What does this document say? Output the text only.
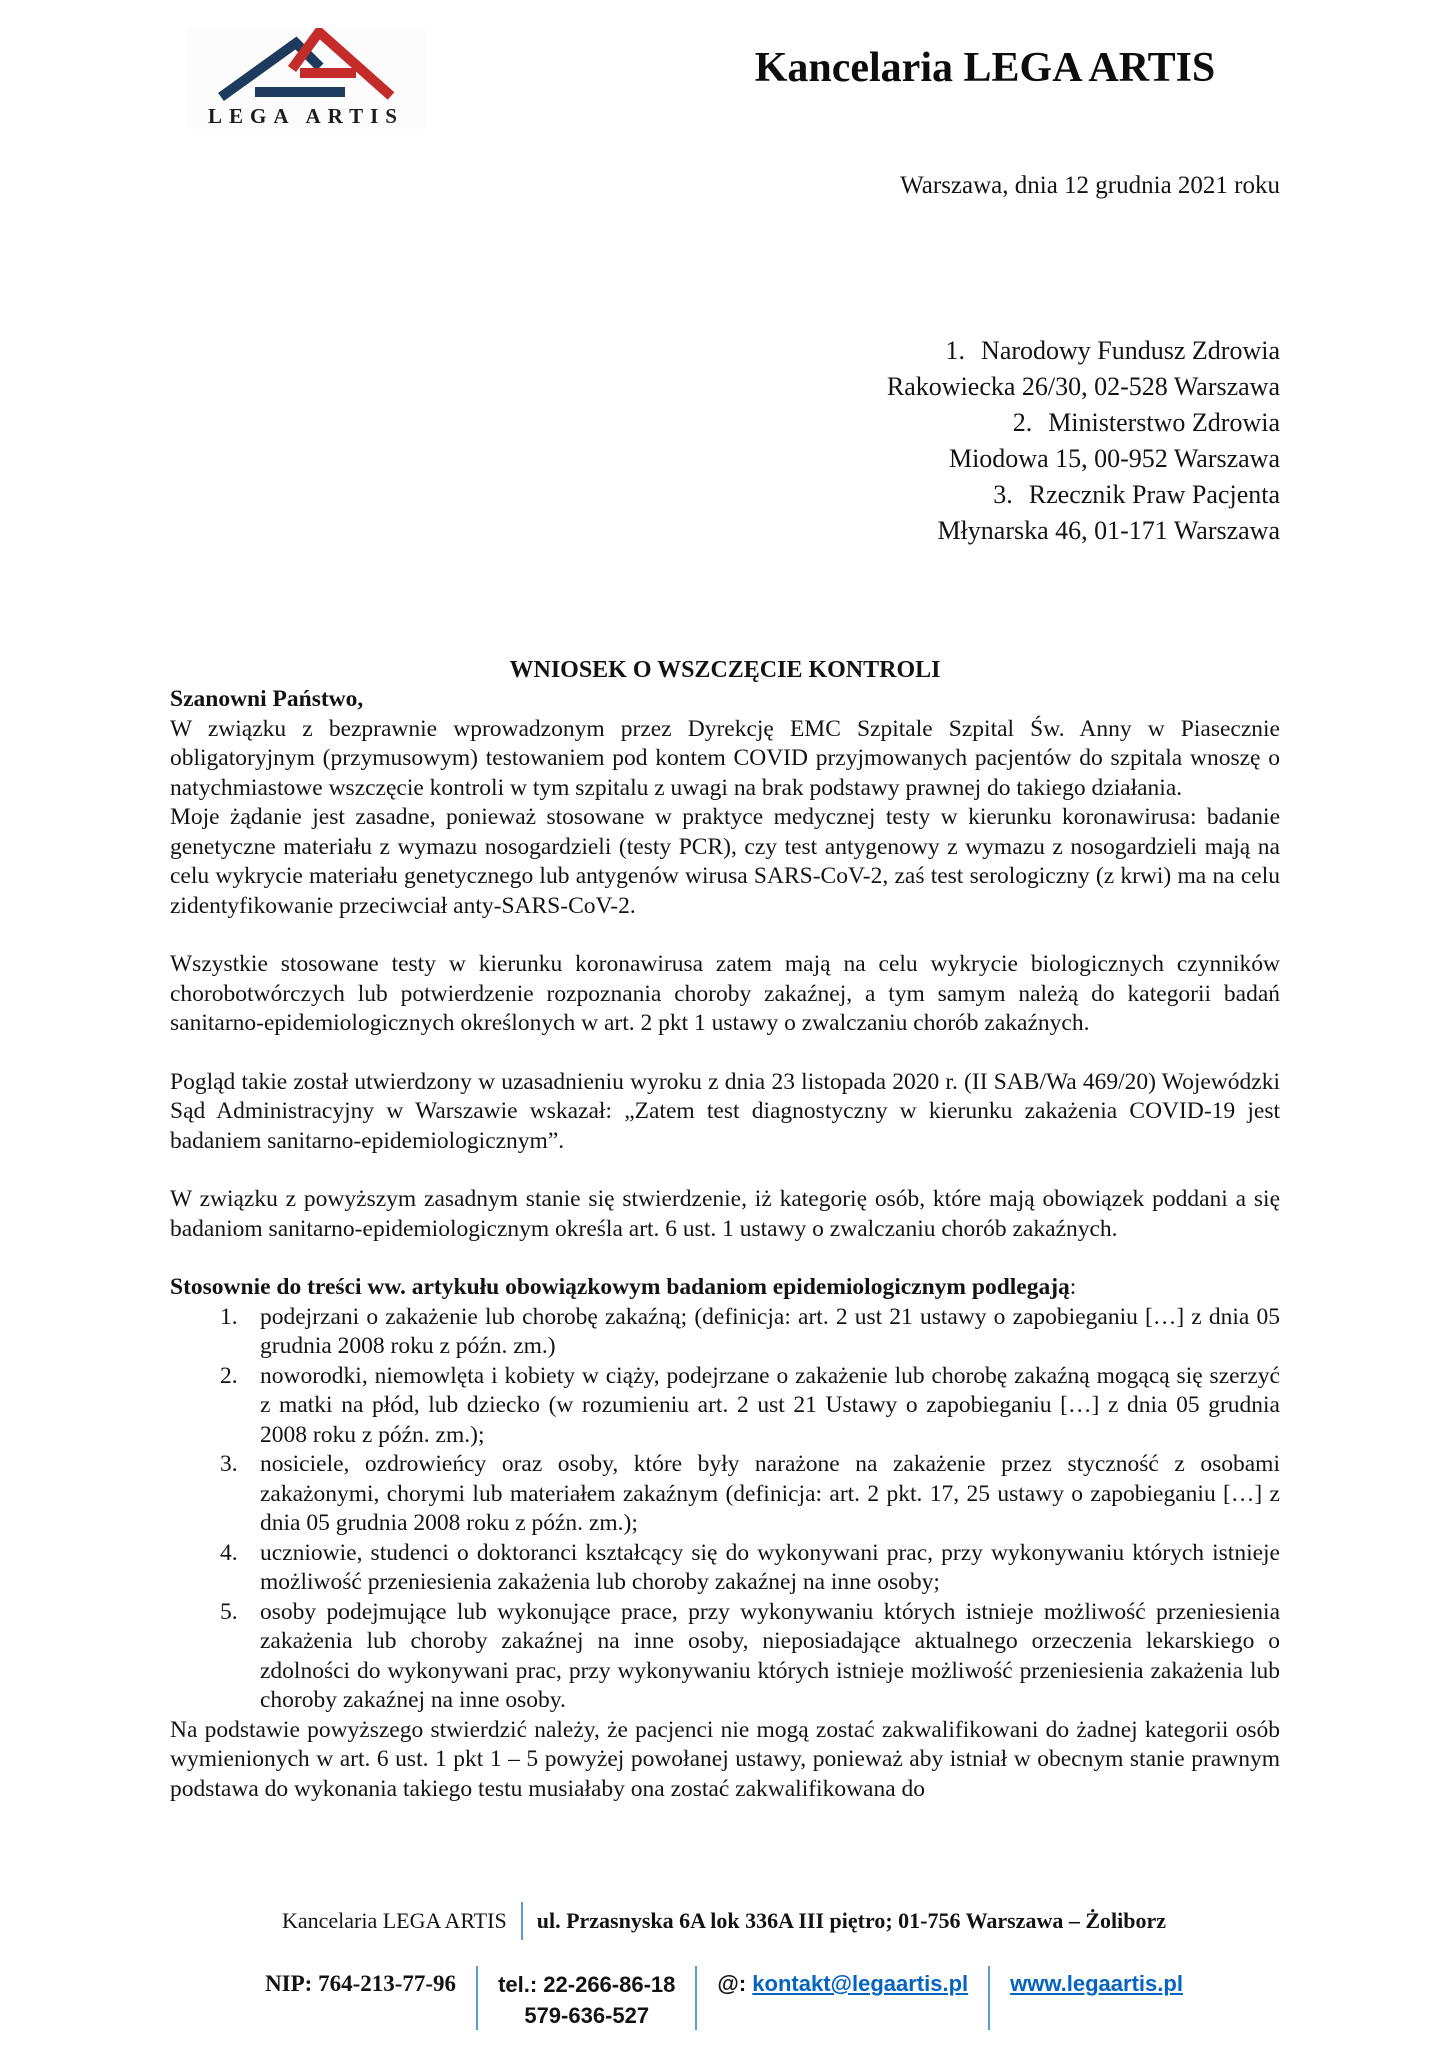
LEGA ARTIS
Kancelaria LEGA ARTIS
Warszawa, dnia 12 grudnia 2021 roku
1. Narodowy Fundusz Zdrowia
Rakowiecka 26/30, 02-528 Warszawa
2. Ministerstwo Zdrowia
Miodowa 15, 00-952 Warszawa
3. Rzecznik Praw Pacjenta
Młynarska 46, 01-171 Warszawa
WNIOSEK O WSZCZĘCIE KONTROLI
Szanowni Państwo,
W związku z bezprawnie wprowadzonym przez Dyrekcję EMC Szpitale Szpital Św. Anny w Piasecznie obligatoryjnym (przymusowym) testowaniem pod kontem COVID przyjmowanych pacjentów do szpitala wnoszę o natychmiastowe wszczęcie kontroli w tym szpitalu z uwagi na brak podstawy prawnej do takiego działania.
Moje żądanie jest zasadne, ponieważ stosowane w praktyce medycznej testy w kierunku koronawirusa: badanie genetyczne materiału z wymazu nosogardzieli (testy PCR), czy test antygenowy z wymazu z nosogardzieli mają na celu wykrycie materiału genetycznego lub antygenów wirusa SARS-CoV-2, zaś test serologiczny (z krwi) ma na celu zidentyfikowanie przeciwciał anty-SARS-CoV-2.
Wszystkie stosowane testy w kierunku koronawirusa zatem mają na celu wykrycie biologicznych czynników chorobotwórczych lub potwierdzenie rozpoznania choroby zakaźnej, a tym samym należą do kategorii badań sanitarno-epidemiologicznych określonych w art. 2 pkt 1 ustawy o zwalczaniu chorób zakaźnych.
Pogląd takie został utwierdzony w uzasadnieniu wyroku z dnia 23 listopada 2020 r. (II SAB/Wa 469/20) Wojewódzki Sąd Administracyjny w Warszawie wskazał: „Zatem test diagnostyczny w kierunku zakażenia COVID-19 jest badaniem sanitarno-epidemiologicznym”.
W związku z powyższym zasadnym stanie się stwierdzenie, iż kategorię osób, które mają obowiązek poddani a się badaniom sanitarno-epidemiologicznym określa art. 6 ust. 1 ustawy o zwalczaniu chorób zakaźnych.
Stosownie do treści ww. artykułu obowiązkowym badaniom epidemiologicznym podlegają:
1. podejrzani o zakażenie lub chorobę zakaźną; (definicja: art. 2 ust 21 ustawy o zapobieganiu […] z dnia 05 grudnia 2008 roku z późn. zm.)
2. noworodki, niemowlęta i kobiety w ciąży, podejrzane o zakażenie lub chorobę zakaźną mogącą się szerzyć z matki na płód, lub dziecko (w rozumieniu art. 2 ust 21 Ustawy o zapobieganiu […] z dnia 05 grudnia 2008 roku z późn. zm.);
3. nosiciele, ozdrowieńcy oraz osoby, które były narażone na zakażenie przez styczność z osobami zakażonymi, chorymi lub materiałem zakaźnym (definicja: art. 2 pkt. 17, 25 ustawy o zapobieganiu […] z dnia 05 grudnia 2008 roku z późn. zm.);
4. uczniowie, studenci o doktoranci kształcący się do wykonywani prac, przy wykonywaniu których istnieje możliwość przeniesienia zakażenia lub choroby zakaźnej na inne osoby;
5. osoby podejmujące lub wykonujące prace, przy wykonywaniu których istnieje możliwość przeniesienia zakażenia lub choroby zakaźnej na inne osoby, nieposiadające aktualnego orzeczenia lekarskiego o zdolności do wykonywani prac, przy wykonywaniu których istnieje możliwość przeniesienia zakażenia lub choroby zakaźnej na inne osoby.
Na podstawie powyższego stwierdzić należy, że pacjenci nie mogą zostać zakwalifikowani do żadnej kategorii osób wymienionych w art. 6 ust. 1 pkt 1 – 5 powyżej powołanej ustawy, ponieważ aby istniał w obecnym stanie prawnym podstawa do wykonania takiego testu musiałaby ona zostać zakwalifikowana do
Kancelaria LEGA ARTIS	ul. Przasnyska 6A lok 336A III piętro; 01-756 Warszawa – Żoliborz
NIP: 764-213-77-96 tel.: 22-266-86-18
579-636-527
@: kontakt@legaartis.pl www.legaartis.pl
